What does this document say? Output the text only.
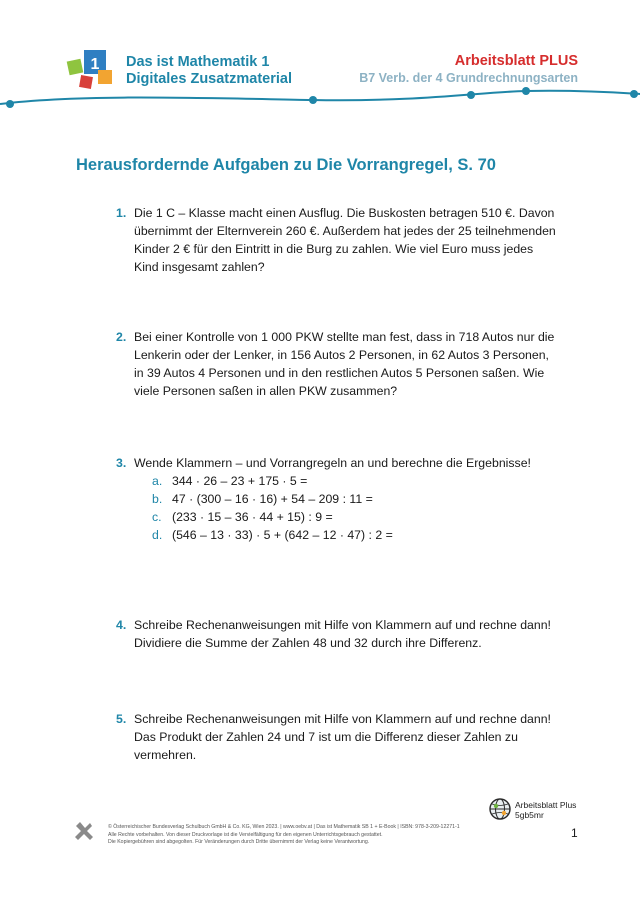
1 Das ist Mathematik 1
Digitales Zusatzmaterial
Arbeitsblatt PLUS
B7 Verb. der 4 Grundrechnungsarten
Herausfordernde Aufgaben zu Die Vorrangregel, S. 70
1. Die 1 C – Klasse macht einen Ausflug. Die Buskosten betragen 510 €. Davon übernimmt der Elternverein 260 €. Außerdem hat jedes der 25 teilnehmenden Kinder 2 € für den Eintritt in die Burg zu zahlen. Wie viel Euro muss jedes Kind insgesamt zahlen?
2. Bei einer Kontrolle von 1 000 PKW stellte man fest, dass in 718 Autos nur die Lenkerin oder der Lenker, in 156 Autos 2 Personen, in 62 Autos 3 Personen, in 39 Autos 4 Personen und in den restlichen Autos 5 Personen saßen. Wie viele Personen saßen in allen PKW zusammen?
3. Wende Klammern – und Vorrangregeln an und berechne die Ergebnisse!
a. 344 · 26 – 23 + 175 · 5 =
b. 47 · (300 – 16 · 16) + 54 – 209 : 11 =
c. (233 · 15 – 36 · 44 + 15) : 9 =
d. (546 – 13 · 33) · 5 + (642 – 12 · 47) : 2 =
4. Schreibe Rechenanweisungen mit Hilfe von Klammern auf und rechne dann! Dividiere die Summe der Zahlen 48 und 32 durch ihre Differenz.
5. Schreibe Rechenanweisungen mit Hilfe von Klammern auf und rechne dann! Das Produkt der Zahlen 24 und 7 ist um die Differenz dieser Zahlen zu vermehren.
Arbeitsblatt Plus
5gb5mr
© Österreichischer Bundesverlag Schulbuch GmbH & Co. KG, Wien 2023. | www.oebv.at | Das ist Mathematik SB 1 + E-Book | ISBN: 978-3-209-12271-1
Alle Rechte vorbehalten. Von dieser Druckvorlage ist die Vervielfältigung für den eigenen Unterrichtsgebrauch gestattet.
Die Kopiergebühren sind abgegolten. Für Veränderungen durch Dritte übernimmt der Verlag keine Verantwortung.
1
